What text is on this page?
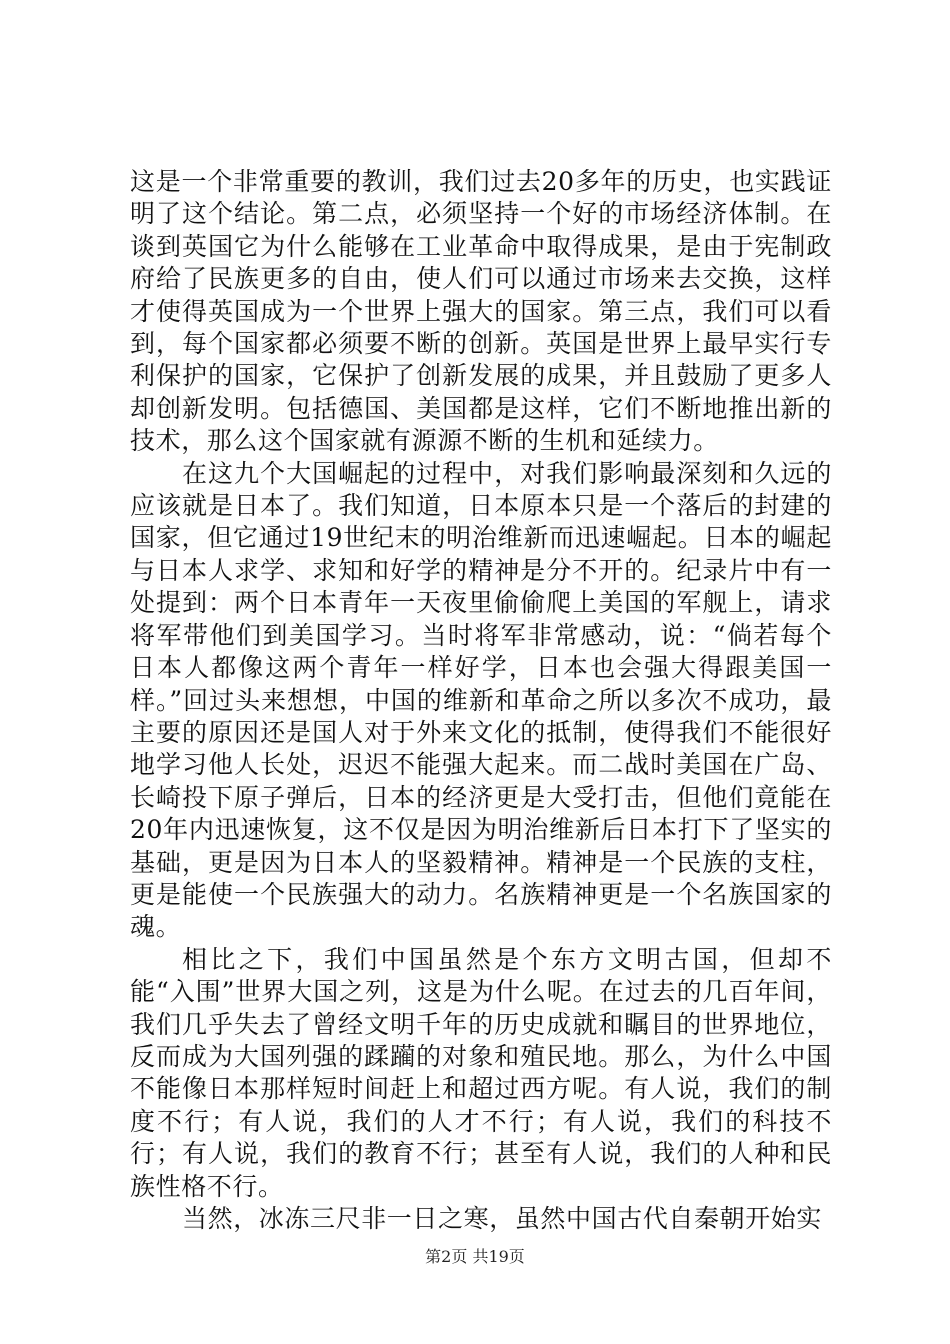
这是一个非常重要的教训，我们过去20多年的历史，也实践证明了这个结论。第二点，必须坚持一个好的市场经济体制。在谈到英国它为什么能够在工业革命中取得成果，是由于宪制政府给了民族更多的自由，使人们可以通过市场来去交换，这样才使得英国成为一个世界上强大的国家。第三点，我们可以看到，每个国家都必须要不断的创新。英国是世界上最早实行专利保护的国家，它保护了创新发展的成果，并且鼓励了更多人却创新发明。包括德国、美国都是这样，它们不断地推出新的技术，那么这个国家就有源源不断的生机和延续力。

在这九个大国崛起的过程中，对我们影响最深刻和久远的应该就是日本了。我们知道，日本原本只是一个落后的封建的国家，但它通过19世纪末的明治维新而迅速崛起。日本的崛起与日本人求学、求知和好学的精神是分不开的。纪录片中有一处提到：两个日本青年一天夜里偷偷爬上美国的军舰上，请求将军带他们到美国学习。当时将军非常感动，说：“倘若每个日本人都像这两个青年一样好学，日本也会强大得跟美国一样。”回过头来想想，中国的维新和革命之所以多次不成功，最主要的原因还是国人对于外来文化的抵制，使得我们不能很好地学习他人长处，迟迟不能强大起来。而二战时美国在广岛、长崎投下原子弹后，日本的经济更是大受打击，但他们竟能在20年内迅速恢复，这不仅是因为明治维新后日本打下了坚实的基础，更是因为日本人的坚毅精神。精神是一个民族的支柱，更是能使一个民族强大的动力。名族精神更是一个名族国家的魂。

相比之下，我们中国虽然是个东方文明古国，但却不能“入围”世界大国之列，这是为什么呢。在过去的几百年间，我们几乎失去了曾经文明千年的历史成就和瞩目的世界地位，反而成为大国列强的蹂躏的对象和殖民地。那么，为什么中国不能像日本那样短时间赶上和超过西方呢。有人说，我们的制度不行；有人说，我们的人才不行；有人说，我们的科技不行；有人说，我们的教育不行；甚至有人说，我们的人种和民族性格不行。

当然，冰冻三尺非一日之寒，虽然中国古代自秦朝开始实

第2页 共19页
